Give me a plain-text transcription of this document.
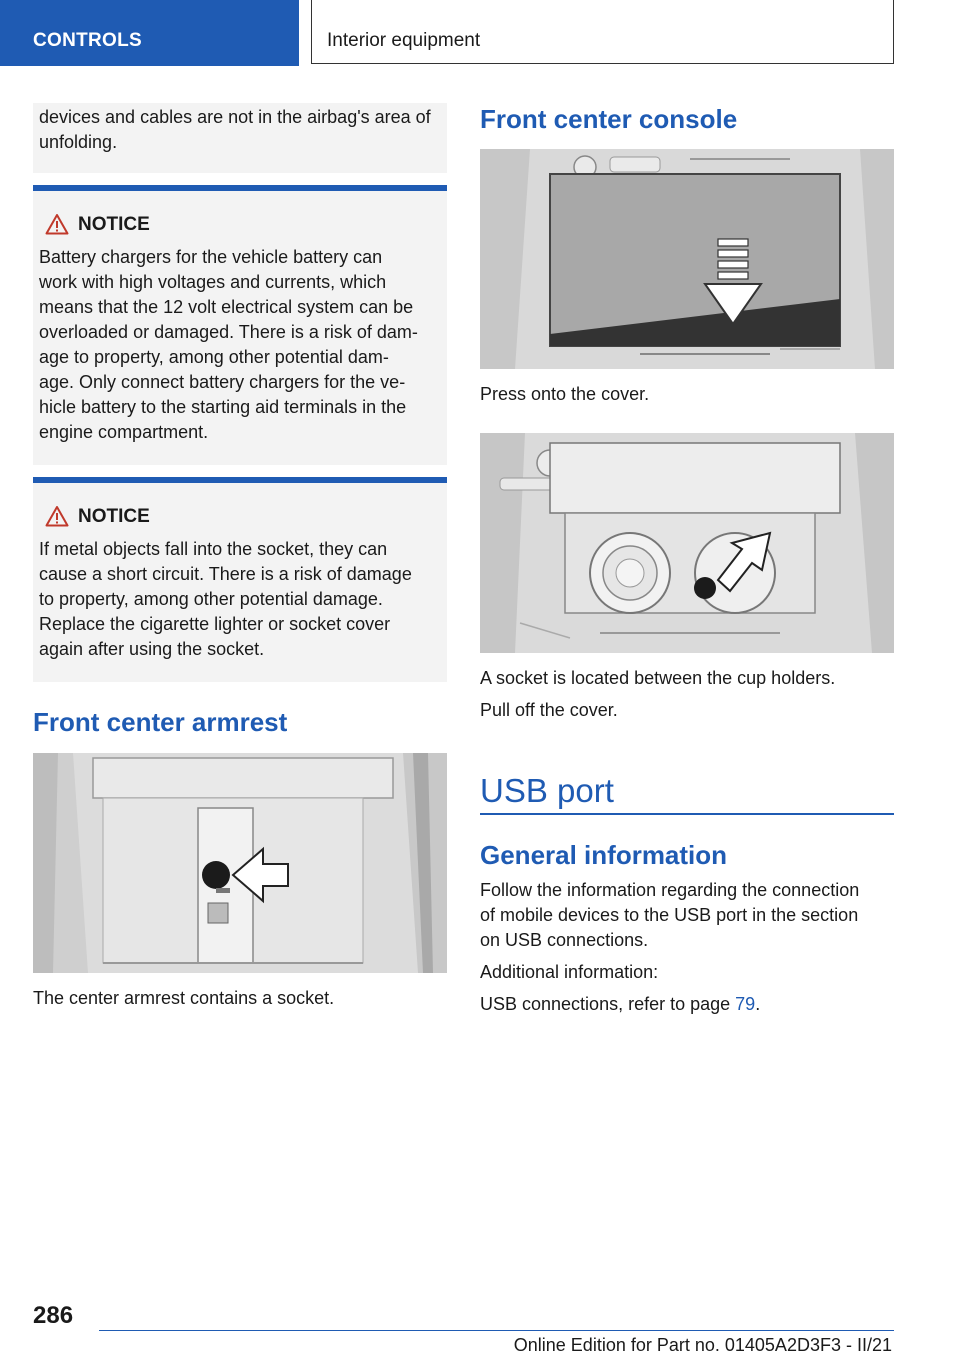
CONTROLS	Interior equipment
devices and cables are not in the airbag's area of unfolding.
NOTICE
Battery chargers for the vehicle battery can
work with high voltages and currents, which
means that the 12 volt electrical system can be
overloaded or damaged. There is a risk of dam-
age to property, among other potential dam-
age. Only connect battery chargers for the ve-
hicle battery to the starting aid terminals in the
engine compartment.
NOTICE
If metal objects fall into the socket, they can
cause a short circuit. There is a risk of damage
to property, among other potential damage.
Replace the cigarette lighter or socket cover
again after using the socket.
Front center armrest
The center armrest contains a socket.
Front center console
Press onto the cover.
A socket is located between the cup holders.
Pull off the cover.
USB port
General information
Follow the information regarding the connection
of mobile devices to the USB port in the section
on USB connections.
Additional information:
USB connections, refer to page 79.
286
Online Edition for Part no. 01405A2D3F3 - II/21
